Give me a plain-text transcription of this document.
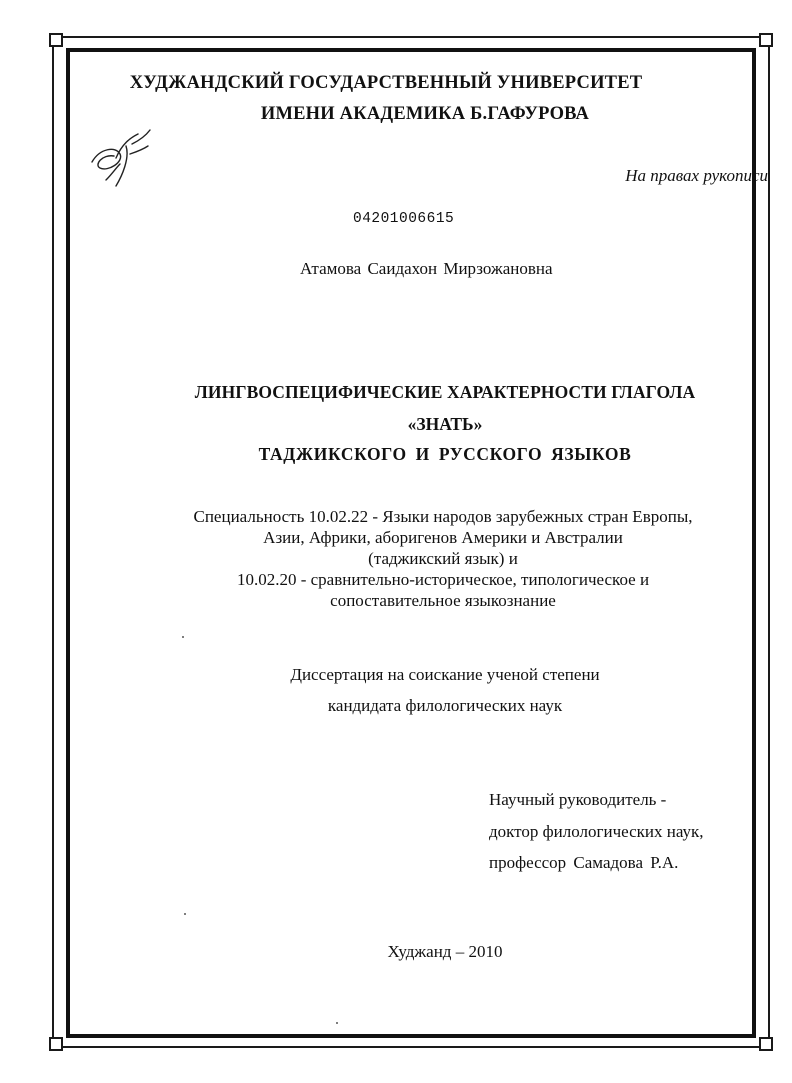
ХУДЖАНДСКИЙ ГОСУДАРСТВЕННЫЙ УНИВЕРСИТЕТ
ИМЕНИ АКАДЕМИКА Б.ГАФУРОВА
На правах рукописи
04201006615
Атамова Саидахон Мирзожановна
ЛИНГВОСПЕЦИФИЧЕСКИЕ ХАРАКТЕРНОСТИ ГЛАГОЛА
«ЗНАТЬ»
ТАДЖИКСКОГО И РУССКОГО ЯЗЫКОВ
Специальность 10.02.22 - Языки народов зарубежных стран Европы,
Азии, Африки, аборигенов Америки и Австралии
(таджикский язык) и
10.02.20 - сравнительно-историческое, типологическое и
сопоставительное языкознание
Диссертация на соискание ученой степени
кандидата филологических наук
Научный руководитель -
доктор филологических наук,
профессор Самадова Р.А.
Худжанд – 2010
